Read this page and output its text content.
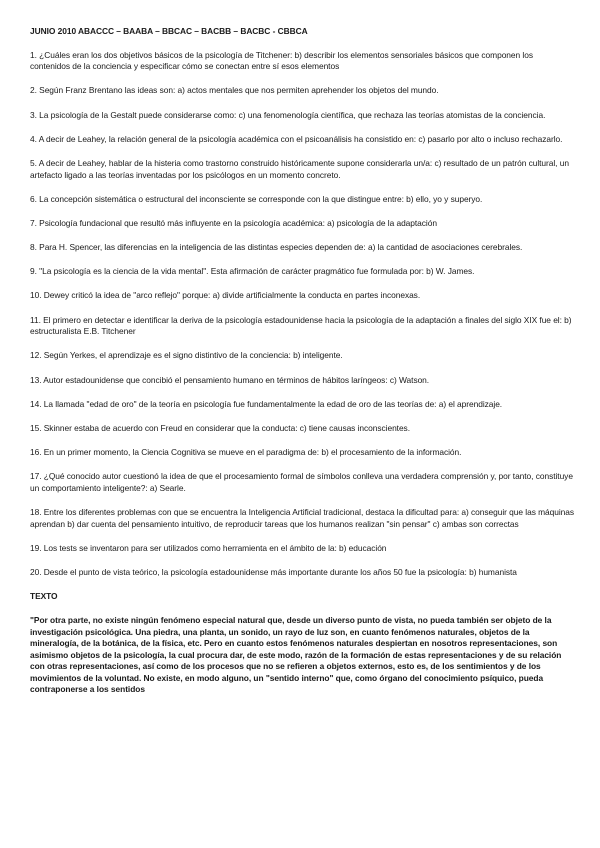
JUNIO 2010 ABACCC – BAABA – BBCAC – BACBB – BACBC - CBBCA

1. ¿Cuáles eran los dos objetivos básicos de la psicología de Titchener: b) describir los elementos sensoriales básicos que componen los contenidos de la conciencia y especificar cómo se conectan entre sí esos elementos

2. Según Franz Brentano las ideas son: a) actos mentales que nos permiten aprehender los objetos del mundo.

3. La psicología de la Gestalt puede considerarse como: c) una fenomenología científica, que rechaza las teorías atomistas de la conciencia.

4. A decir de Leahey, la relación general de la psicología académica con el psicoanálisis ha consistido en: c) pasarlo por alto o incluso rechazarlo.

5. A decir de Leahey, hablar de la histeria como trastorno construido históricamente supone considerarla un/a: c) resultado de un patrón cultural, un artefacto ligado a las teorías inventadas por los psicólogos en un momento concreto.

6. La concepción sistemática o estructural del inconsciente se corresponde con la que distingue entre: b) ello, yo y superyo.

7. Psicología fundacional que resultó más influyente en la psicología académica: a) psicología de la adaptación

8. Para H. Spencer, las diferencias en la inteligencia de las distintas especies dependen de: a) la cantidad de asociaciones cerebrales.

9. "La psicología es la ciencia de la vida mental". Esta afirmación de carácter pragmático fue formulada por: b) W. James.

10. Dewey criticó la idea de "arco reflejo" porque: a) divide artificialmente la conducta en partes inconexas.

11. El primero en detectar e identificar la deriva de la psicología estadounidense hacia la psicología de la adaptación a finales del siglo XIX fue el: b) estructuralista E.B. Titchener

12. Según Yerkes, el aprendizaje es el signo distintivo de la conciencia: b) inteligente.

13. Autor estadounidense que concibió el pensamiento humano en términos de hábitos laríngeos: c) Watson.

14. La llamada "edad de oro" de la teoría en psicología fue fundamentalmente la edad de oro de las teorías de: a) el aprendizaje.

15. Skinner estaba de acuerdo con Freud en considerar que la conducta: c) tiene causas inconscientes.

16. En un primer momento, la Ciencia Cognitiva se mueve en el paradigma de: b) el procesamiento de la información.

17. ¿Qué conocido autor cuestionó la idea de que el procesamiento formal de símbolos conlleva una verdadera comprensión y, por tanto, constituye un comportamiento inteligente?: a) Searle.

18. Entre los diferentes problemas con que se encuentra la Inteligencia Artificial tradicional, destaca la dificultad para: a) conseguir que las máquinas aprendan b) dar cuenta del pensamiento intuitivo, de reproducir tareas que los humanos realizan "sin pensar" c) ambas son correctas

19. Los tests se inventaron para ser utilizados como herramienta en el ámbito de la: b) educación

20. Desde el punto de vista teórico, la psicología estadounidense más importante durante los años 50 fue la psicología: b) humanista

TEXTO

"Por otra parte, no existe ningún fenómeno especial natural que, desde un diverso punto de vista, no pueda también ser objeto de la investigación psicológica. Una piedra, una planta, un sonido, un rayo de luz son, en cuanto fenómenos naturales, objetos de la mineralogía, de la botánica, de la física, etc. Pero en cuanto estos fenómenos naturales despiertan en nosotros representaciones, son asimismo objetos de la psicología, la cual procura dar, de este modo, razón de la formación de estas representaciones y de su relación con otras representaciones, así como de los procesos que no se refieren a objetos externos, esto es, de los sentimientos y de los movimientos de la voluntad. No existe, en modo alguno, un "sentido interno" que, como órgano del conocimiento psíquico, pueda contraponerse a los sentidos
